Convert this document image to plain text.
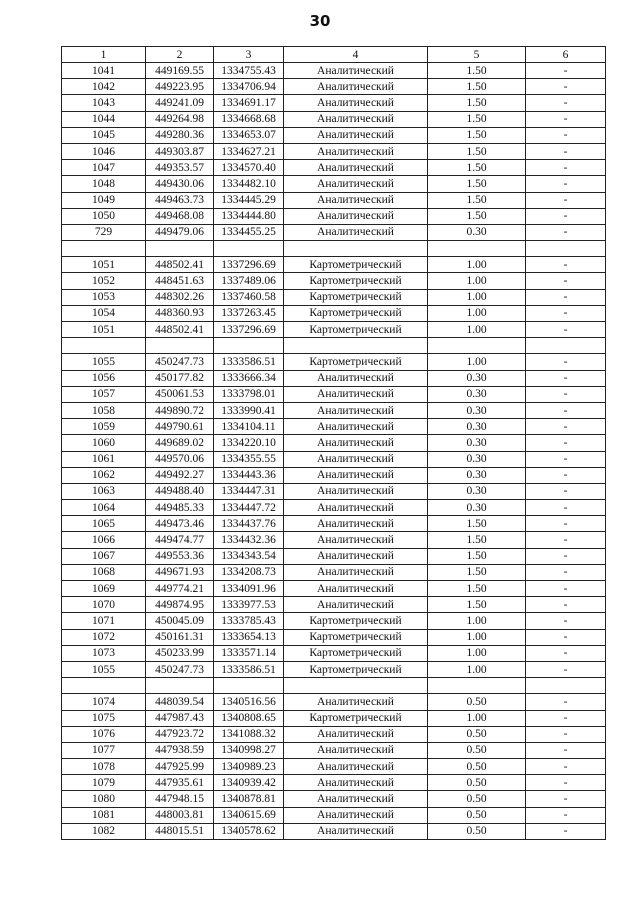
30
1	2	3	4	5	6
1041	449169.55	1334755.43	Аналитический	1.50	-
1042	449223.95	1334706.94	Аналитический	1.50	-
1043	449241.09	1334691.17	Аналитический	1.50	-
1044	449264.98	1334668.68	Аналитический	1.50	-
1045	449280.36	1334653.07	Аналитический	1.50	-
1046	449303.87	1334627.21	Аналитический	1.50	-
1047	449353.57	1334570.40	Аналитический	1.50	-
1048	449430.06	1334482.10	Аналитический	1.50	-
1049	449463.73	1334445.29	Аналитический	1.50	-
1050	449468.08	1334444.80	Аналитический	1.50	-
729	449479.06	1334455.25	Аналитический	0.30	-

1051	448502.41	1337296.69	Картометрический	1.00	-
1052	448451.63	1337489.06	Картометрический	1.00	-
1053	448302.26	1337460.58	Картометрический	1.00	-
1054	448360.93	1337263.45	Картометрический	1.00	-
1051	448502.41	1337296.69	Картометрический	1.00	-

1055	450247.73	1333586.51	Картометрический	1.00	-
1056	450177.82	1333666.34	Аналитический	0.30	-
1057	450061.53	1333798.01	Аналитический	0.30	-
1058	449890.72	1333990.41	Аналитический	0.30	-
1059	449790.61	1334104.11	Аналитический	0.30	-
1060	449689.02	1334220.10	Аналитический	0.30	-
1061	449570.06	1334355.55	Аналитический	0.30	-
1062	449492.27	1334443.36	Аналитический	0.30	-
1063	449488.40	1334447.31	Аналитический	0.30	-
1064	449485.33	1334447.72	Аналитический	0.30	-
1065	449473.46	1334437.76	Аналитический	1.50	-
1066	449474.77	1334432.36	Аналитический	1.50	-
1067	449553.36	1334343.54	Аналитический	1.50	-
1068	449671.93	1334208.73	Аналитический	1.50	-
1069	449774.21	1334091.96	Аналитический	1.50	-
1070	449874.95	1333977.53	Аналитический	1.50	-
1071	450045.09	1333785.43	Картометрический	1.00	-
1072	450161.31	1333654.13	Картометрический	1.00	-
1073	450233.99	1333571.14	Картометрический	1.00	-
1055	450247.73	1333586.51	Картометрический	1.00	-

1074	448039.54	1340516.56	Аналитический	0.50	-
1075	447987.43	1340808.65	Картометрический	1.00	-
1076	447923.72	1341088.32	Аналитический	0.50	-
1077	447938.59	1340998.27	Аналитический	0.50	-
1078	447925.99	1340989.23	Аналитический	0.50	-
1079	447935.61	1340939.42	Аналитический	0.50	-
1080	447948.15	1340878.81	Аналитический	0.50	-
1081	448003.81	1340615.69	Аналитический	0.50	-
1082	448015.51	1340578.62	Аналитический	0.50	-
